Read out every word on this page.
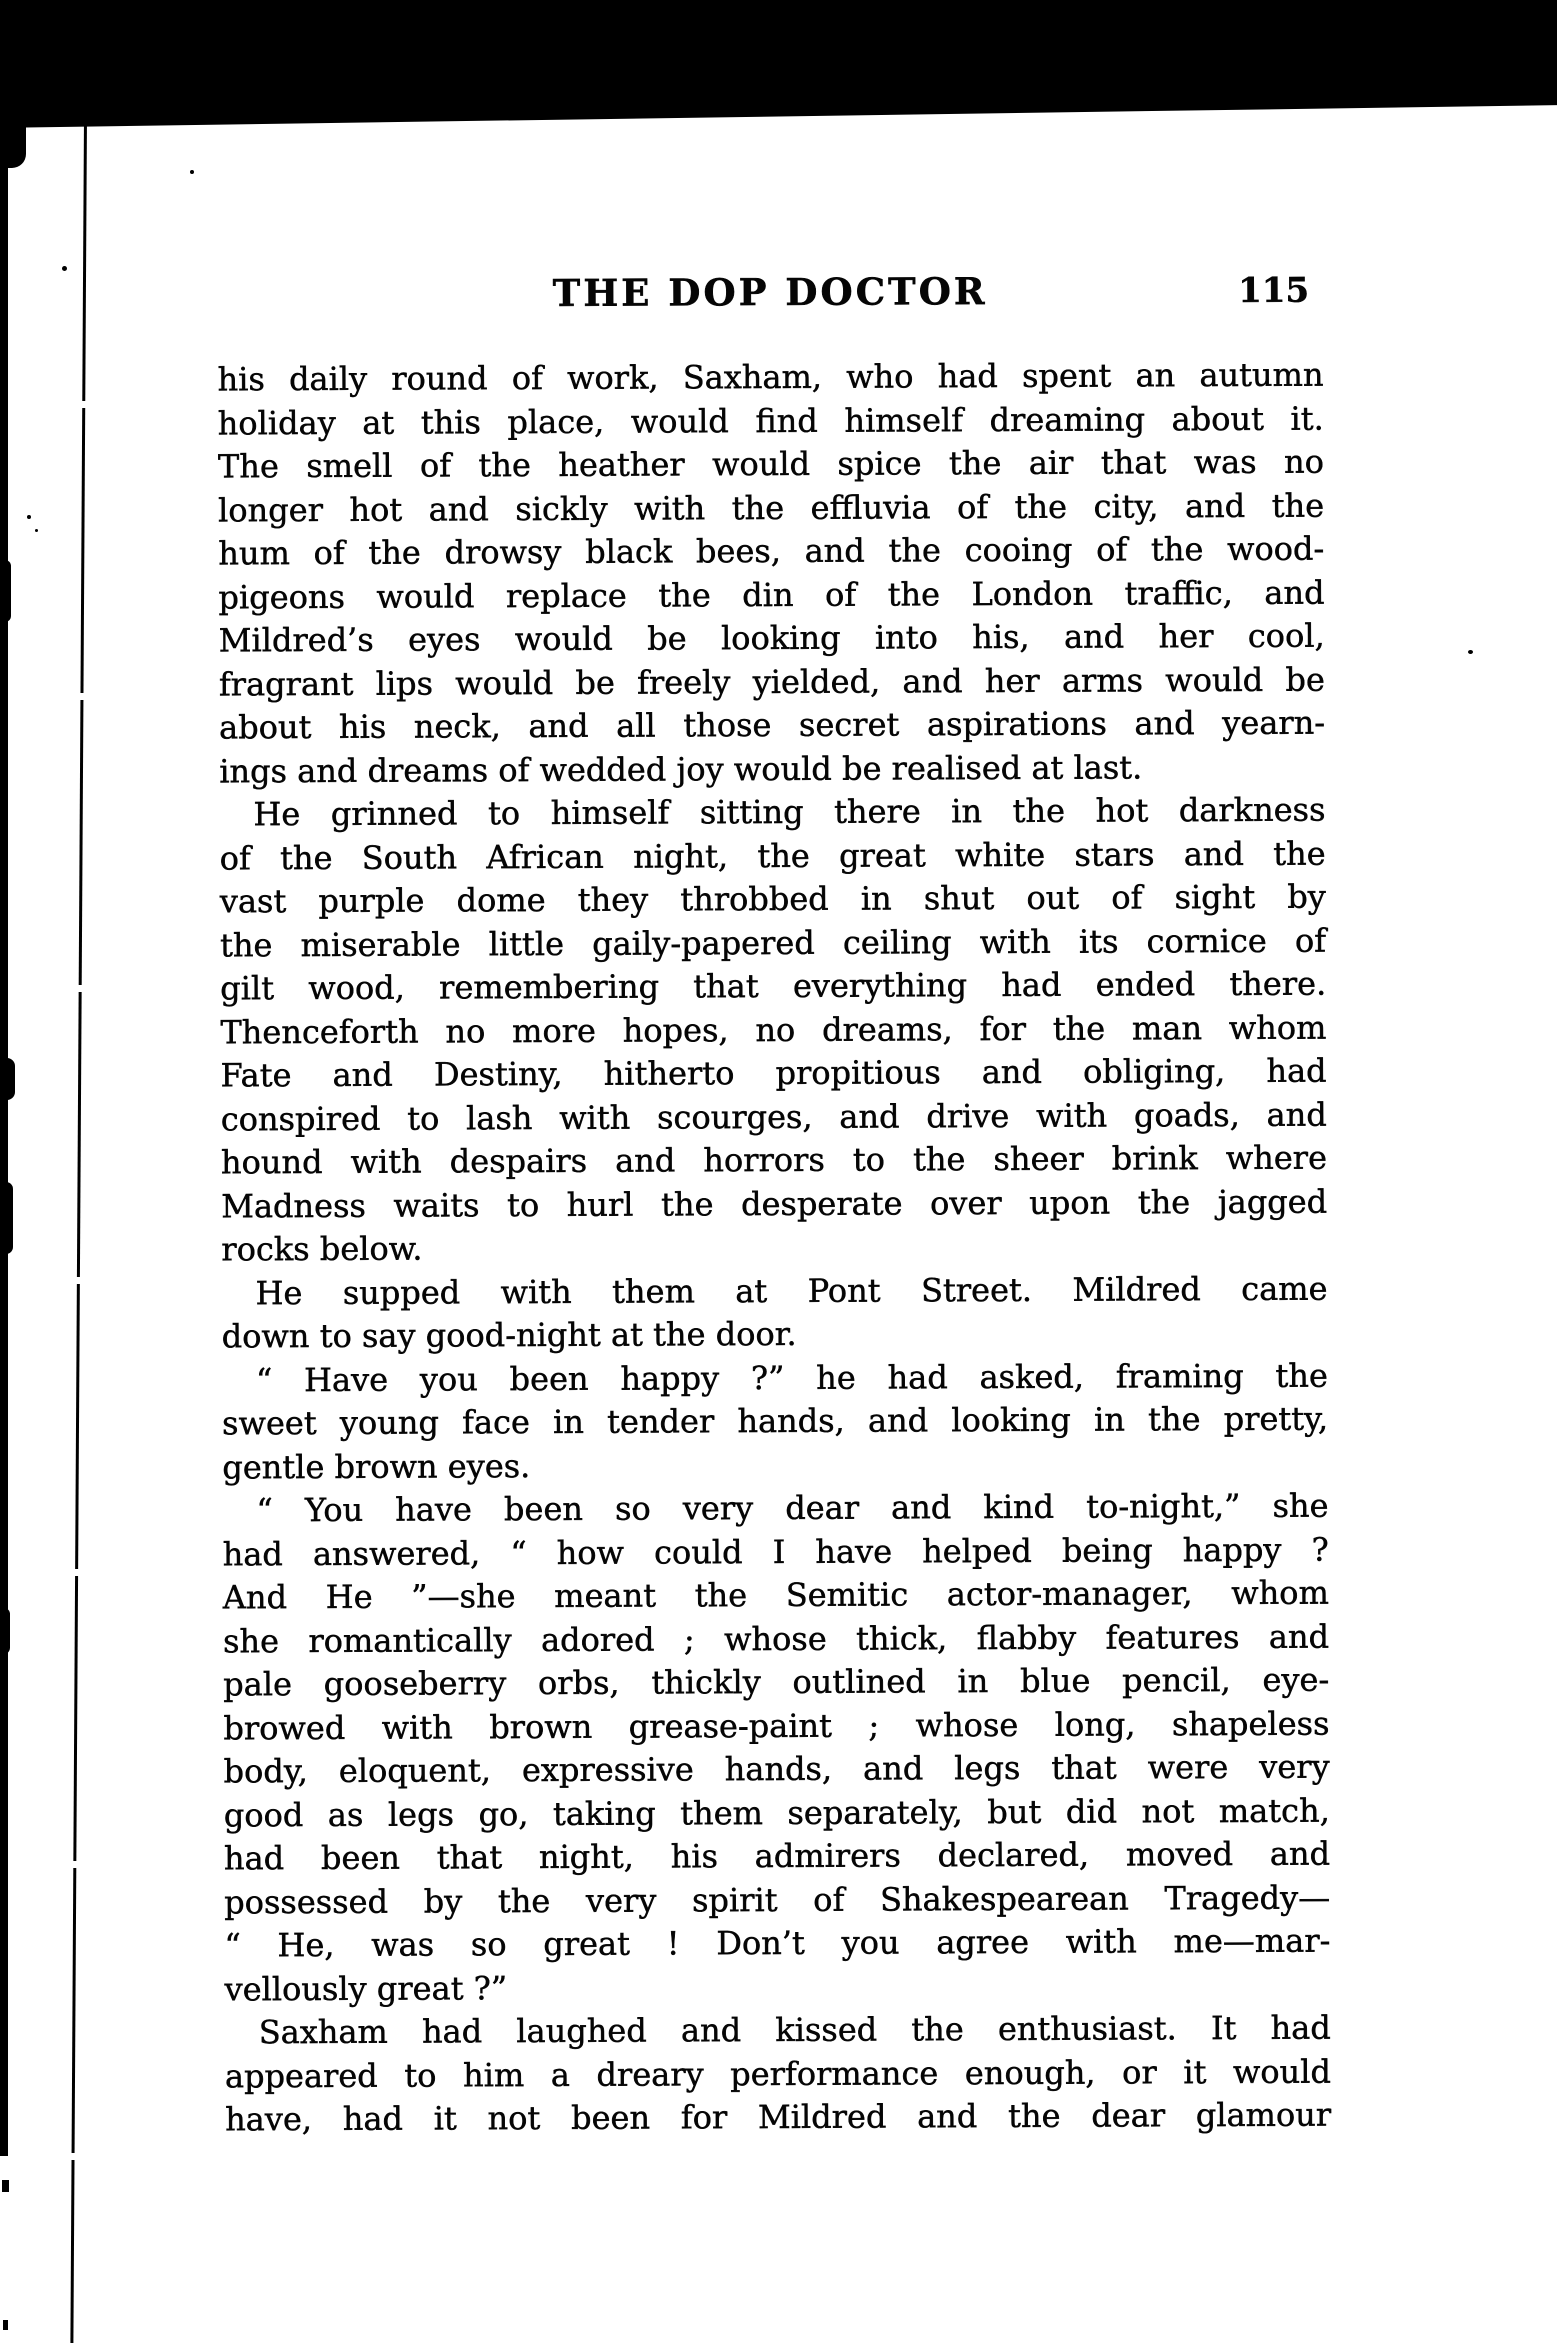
THE DOP DOCTOR	115
his daily round of work, Saxham, who had spent an autumn
holiday at this place, would find himself dreaming about it.
The smell of the heather would spice the air that was no
longer hot and sickly with the effluvia of the city, and the
hum of the drowsy black bees, and the cooing of the wood-
pigeons would replace the din of the London traffic, and
Mildred’s eyes would be looking into his, and her cool,
fragrant lips would be freely yielded, and her arms would be
about his neck, and all those secret aspirations and yearn-
ings and dreams of wedded joy would be realised at last.
He grinned to himself sitting there in the hot darkness
of the South African night, the great white stars and the
vast purple dome they throbbed in shut out of sight by
the miserable little gaily-papered ceiling with its cornice of
gilt wood, remembering that everything had ended there.
Thenceforth no more hopes, no dreams, for the man whom
Fate and Destiny, hitherto propitious and obliging, had
conspired to lash with scourges, and drive with goads, and
hound with despairs and horrors to the sheer brink where
Madness waits to hurl the desperate over upon the jagged
rocks below.
He supped with them at Pont Street. Mildred came
down to say good-night at the door.
“ Have you been happy ?” he had asked, framing the
sweet young face in tender hands, and looking in the pretty,
gentle brown eyes.
“ You have been so very dear and kind to-night,” she
had answered, “ how could I have helped being happy ?
And He ”—she meant the Semitic actor-manager, whom
she romantically adored ; whose thick, flabby features and
pale gooseberry orbs, thickly outlined in blue pencil, eye-
browed with brown grease-paint ; whose long, shapeless
body, eloquent, expressive hands, and legs that were very
good as legs go, taking them separately, but did not match,
had been that night, his admirers declared, moved and
possessed by the very spirit of Shakespearean Tragedy—
“ He, was so great ! Don’t you agree with me—mar-
vellously great ?”
Saxham had laughed and kissed the enthusiast. It had
appeared to him a dreary performance enough, or it would
have, had it not been for Mildred and the dear glamour
